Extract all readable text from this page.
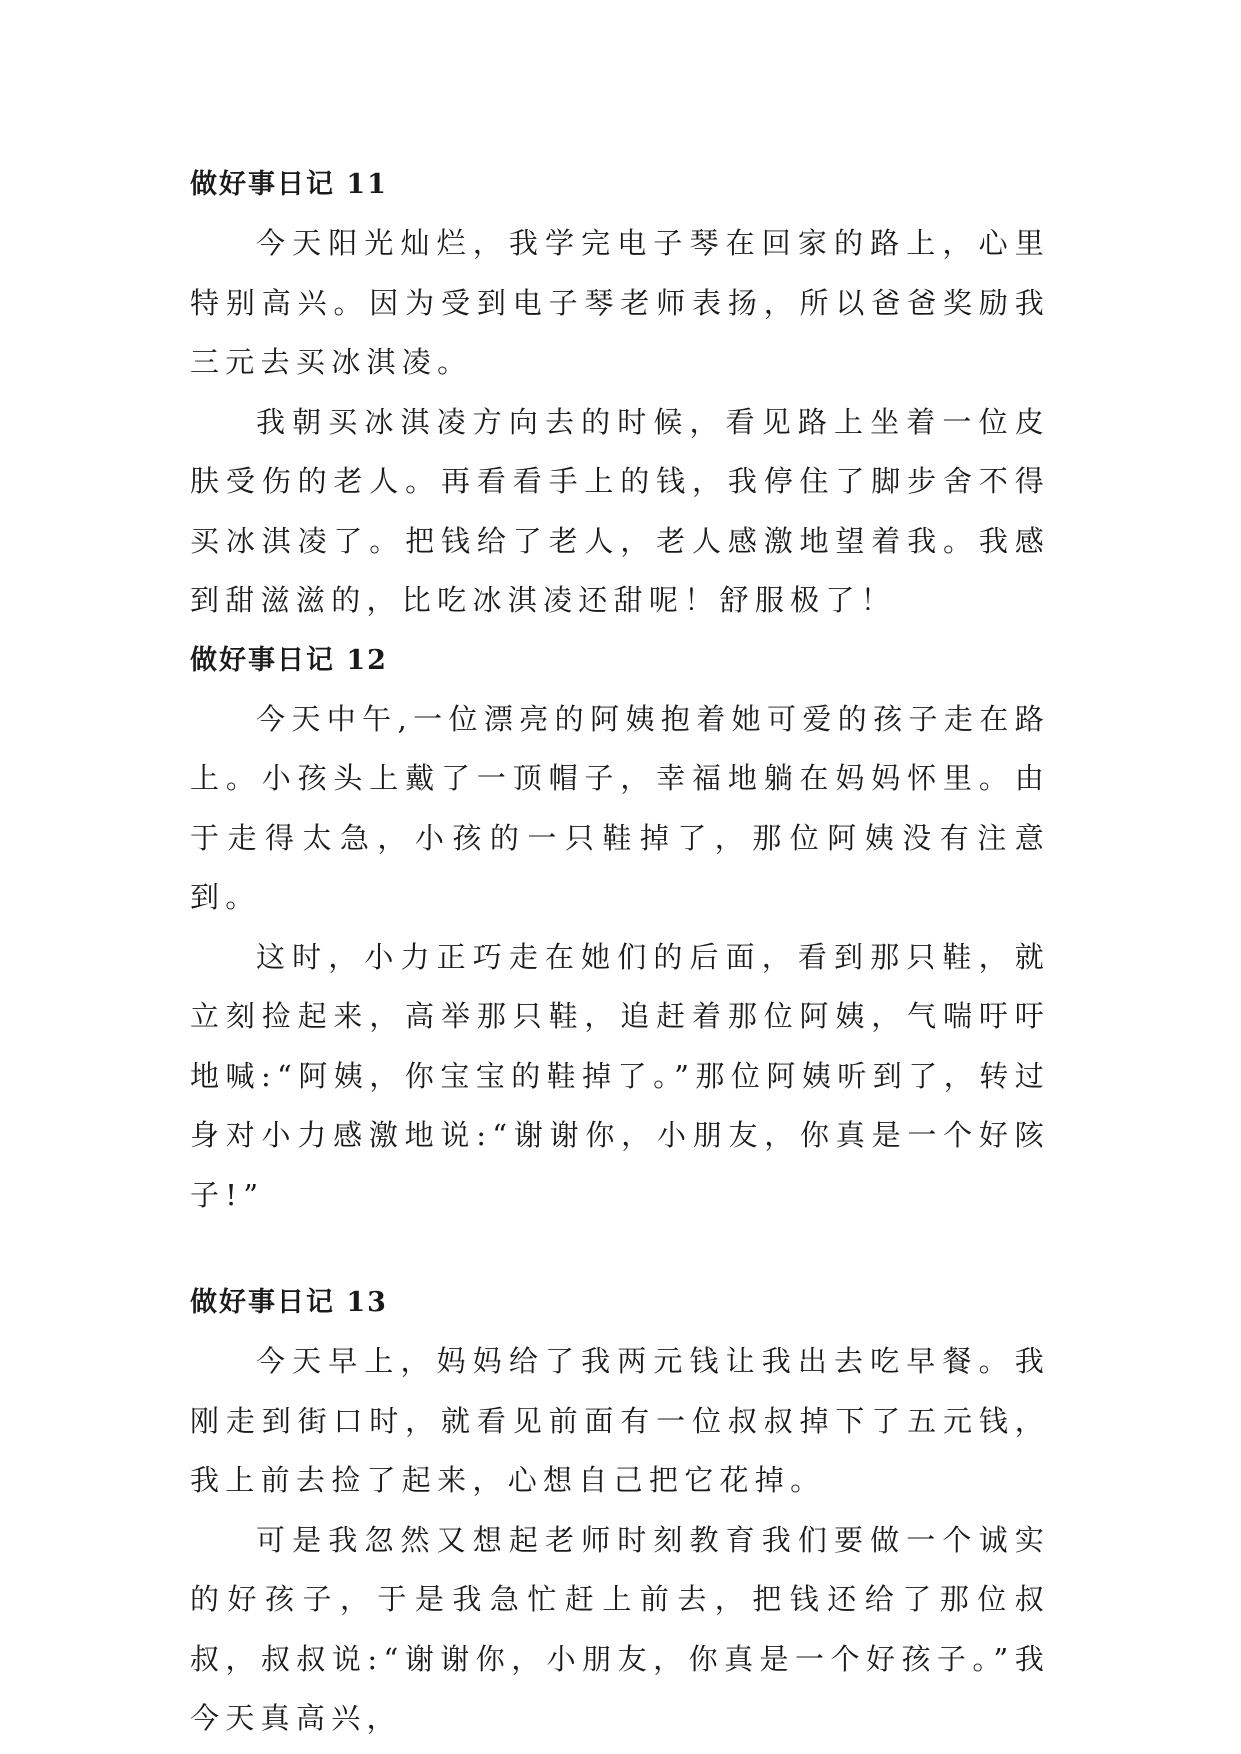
做好事日记 11

今天阳光灿烂，我学完电子琴在回家的路上，心里特别高兴。因为受到电子琴老师表扬，所以爸爸奖励我三元去买冰淇凌。

我朝买冰淇凌方向去的时候，看见路上坐着一位皮肤受伤的老人。再看看手上的钱，我停住了脚步舍不得买冰淇凌了。把钱给了老人，老人感激地望着我。我感到甜滋滋的，比吃冰淇凌还甜呢！舒服极了！

做好事日记 12

今天中午,一位漂亮的阿姨抱着她可爱的孩子走在路上。小孩头上戴了一顶帽子，幸福地躺在妈妈怀里。由于走得太急，小孩的一只鞋掉了，那位阿姨没有注意到。

这时，小力正巧走在她们的后面，看到那只鞋，就立刻捡起来，高举那只鞋，追赶着那位阿姨，气喘吁吁地喊:“阿姨，你宝宝的鞋掉了。”那位阿姨听到了，转过身对小力感激地说:“谢谢你，小朋友，你真是一个好陔子!”

做好事日记 13

今天早上，妈妈给了我两元钱让我出去吃早餐。我刚走到街口时，就看见前面有一位叔叔掉下了五元钱，我上前去捡了起来，心想自己把它花掉。

可是我忽然又想起老师时刻教育我们要做一个诚实的好孩子，于是我急忙赶上前去，把钱还给了那位叔叔，叔叔说:“谢谢你，小朋友，你真是一个好孩子。”我今天真高兴，
